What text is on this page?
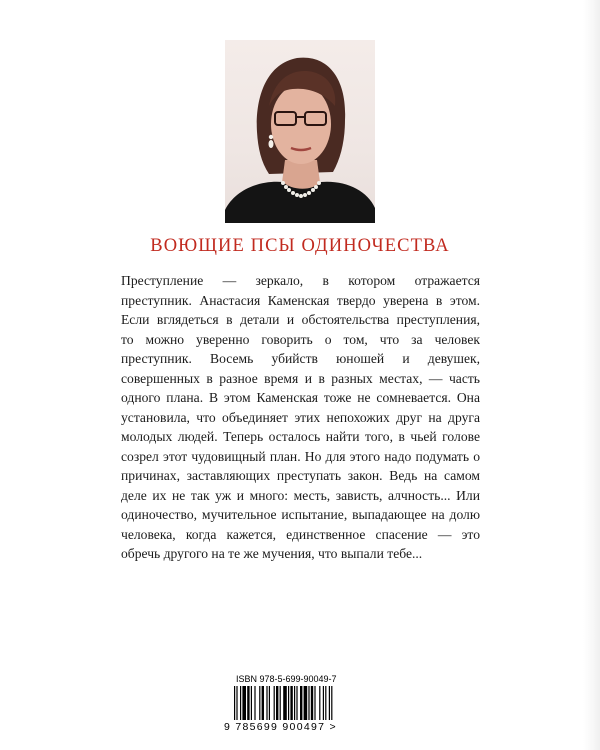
ВОЮЩИЕ ПСЫ ОДИНОЧЕСТВА
Преступление — зеркало, в котором отражается
преступник. Анастасия Каменская твердо уверена в этом.
Если вглядеться в детали и обстоятельства преступления,
то можно уверенно говорить о том, что за человек
преступник. Восемь убийств юношей и девушек,
совершенных в разное время и в разных местах, — часть
одного плана. В этом Каменская тоже не сомневается. Она
установила, что объединяет этих непохожих друг на друга
молодых людей. Теперь осталось найти того, в чьей голове
созрел этот чудовищный план. Но для этого надо подумать о
причинах, заставляющих преступать закон. Ведь на самом
деле их не так уж и много: месть, зависть, алчность... Или
одиночество, мучительное испытание, выпадающее на долю
человека, когда кажется, единственное спасение — это
обречь другого на те же мучения, что выпали тебе...
ISBN 978-5-699-90049-7
9 785699 900497 >
